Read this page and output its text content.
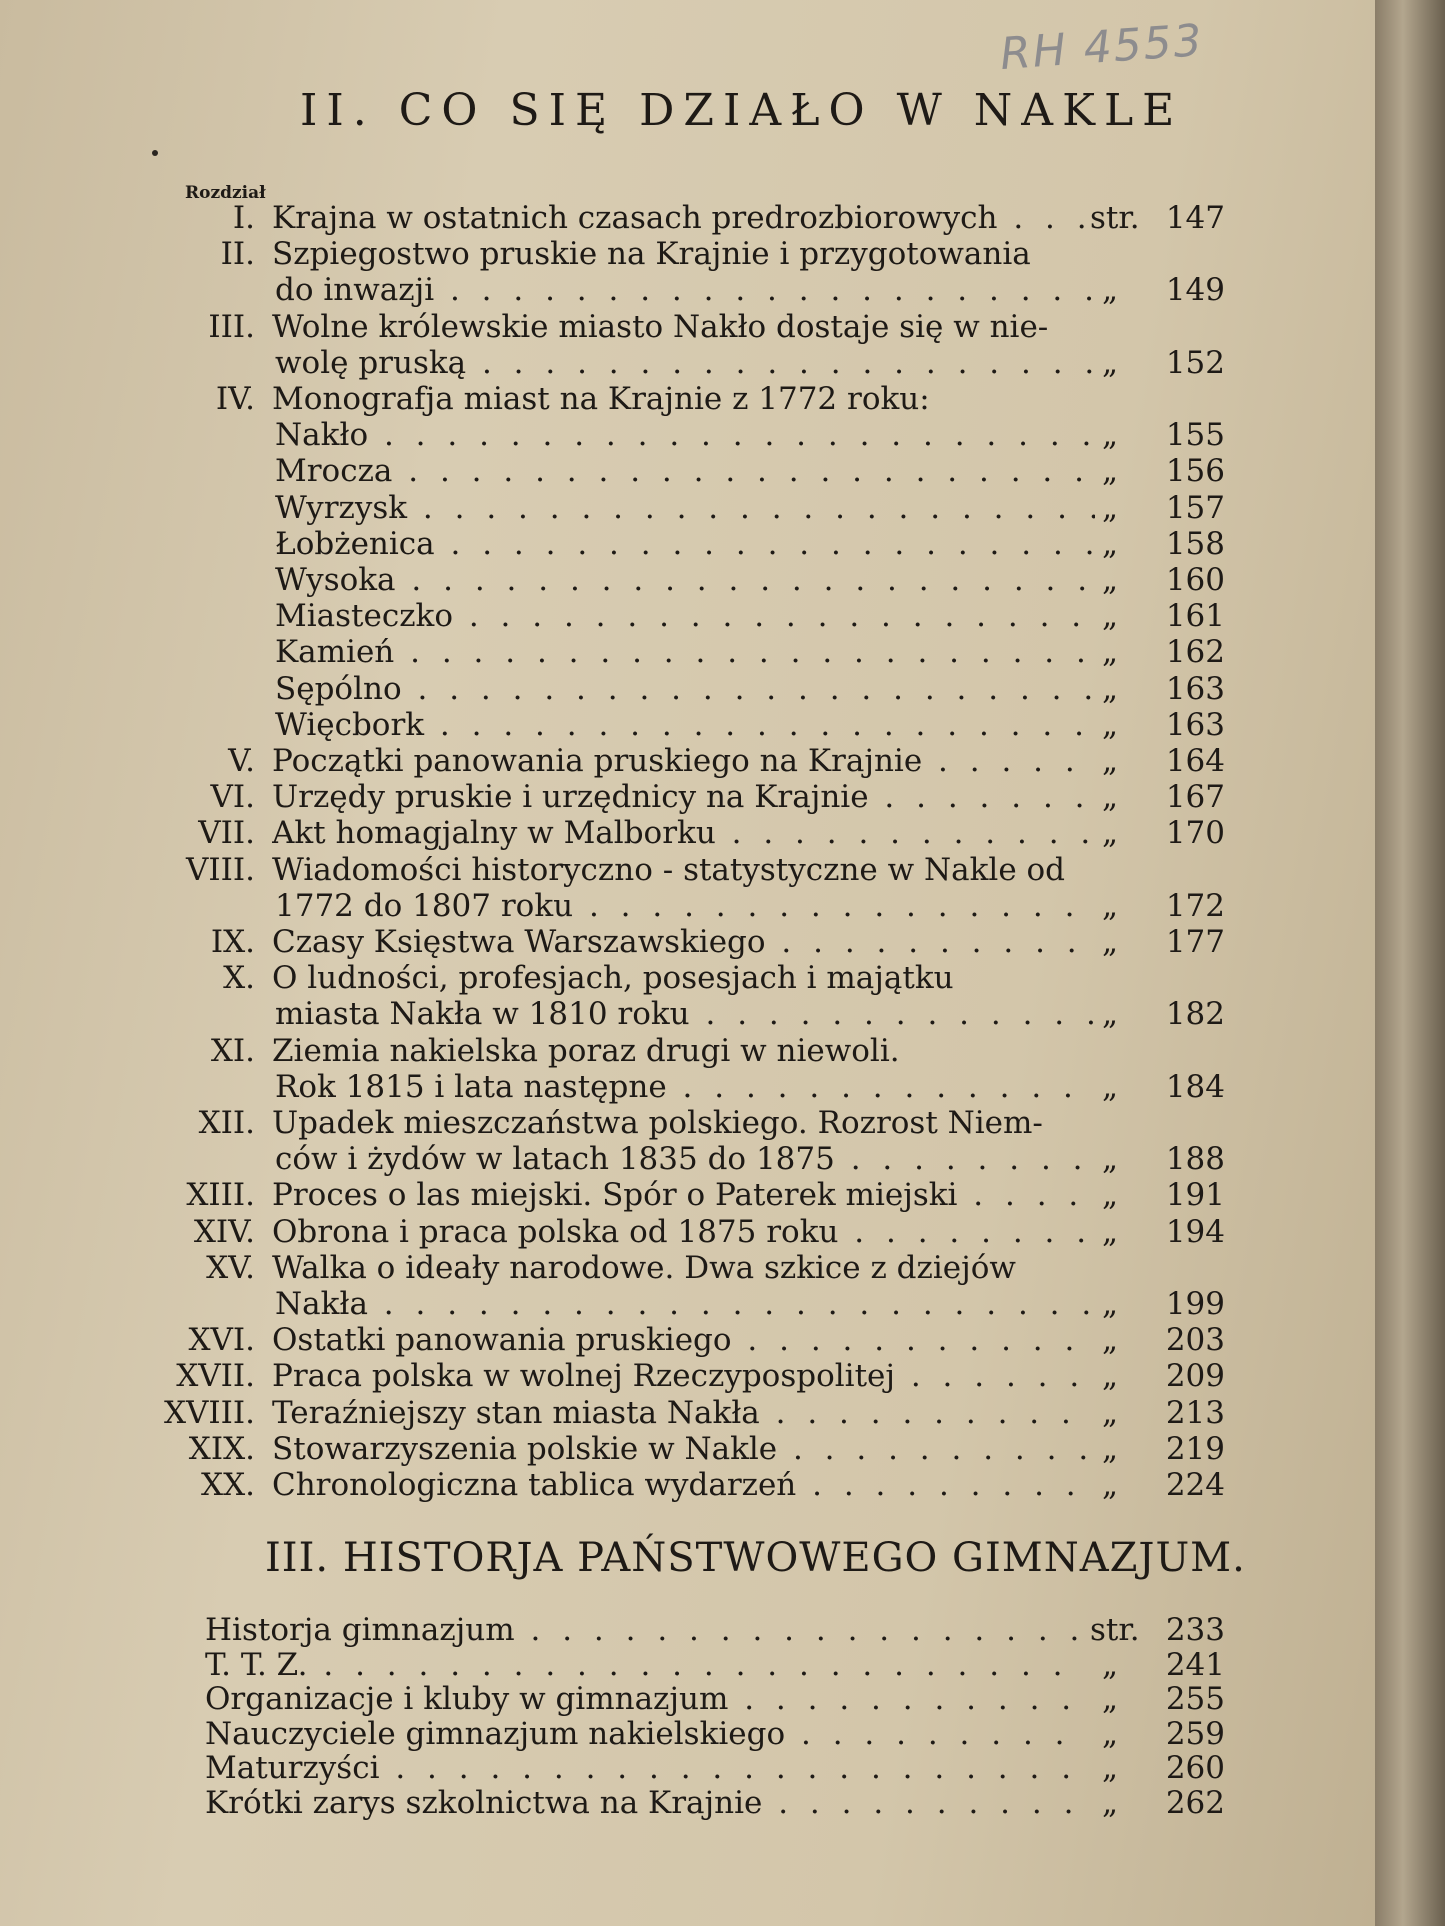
RH 4553
II. CO SIĘ DZIAŁO W NAKLE
Rozdział
I. Krajna w ostatnich czasach predrozbiorowych . . .	str. 147
II. Szpiegostwo pruskie na Krajnie i przygotowania
do inwazji . . .	„	149
III. Wolne królewskie miasto Nakło dostaje się w nie-
wolę pruską . . .	„	152
IV. Monografja miast na Krajnie z 1772 roku:
Nakło . . .	„	155
Mrocza . . .	„	156
Wyrzysk . . .	„	157
Łobżenica . . .	„	158
Wysoka . . .	„	160
Miasteczko . . .	„	161
Kamień . . .	„	162
Sępólno . . .	„	163
Więcbork . . .	„	163
V. Początki panowania pruskiego na Krajnie . . .	„	164
VI. Urzędy pruskie i urzędnicy na Krajnie . . .	„	167
VII. Akt homagjalny w Malborku . . .	„	170
VIII. Wiadomości historyczno - statystyczne w Nakle od
1772 do 1807 roku . . .	„	172
IX. Czasy Księstwa Warszawskiego . . .	„	177
X. O ludności, profesjach, posesjach i majątku
miasta Nakła w 1810 roku . . .	„	182
XI. Ziemia nakielska poraz drugi w niewoli.
Rok 1815 i lata następne . . .	„	184
XII. Upadek mieszczaństwa polskiego. Rozrost Niem-
ców i żydów w latach 1835 do 1875 . . .	„	188
XIII. Proces o las miejski. Spór o Paterek miejski . . .	„	191
XIV. Obrona i praca polska od 1875 roku . . .	„	194
XV. Walka o ideały narodowe. Dwa szkice z dziejów
Nakła . . .	„	199
XVI. Ostatki panowania pruskiego . . .	„	203
XVII. Praca polska w wolnej Rzeczypospolitej . . .	„	209
XVIII. Teraźniejszy stan miasta Nakła . . .	„	213
XIX. Stowarzyszenia polskie w Nakle . . .	„	219
XX. Chronologiczna tablica wydarzeń . . .	„	224
III. HISTORJA PAŃSTWOWEGO GIMNAZJUM.
Historja gimnazjum . . .	str. 233
T. T. Z. . . .	„	241
Organizacje i kluby w gimnazjum . . .	„	255
Nauczyciele gimnazjum nakielskiego . . .	„	259
Maturzyści . . .	„	260
Krótki zarys szkolnictwa na Krajnie . . .	„	262
